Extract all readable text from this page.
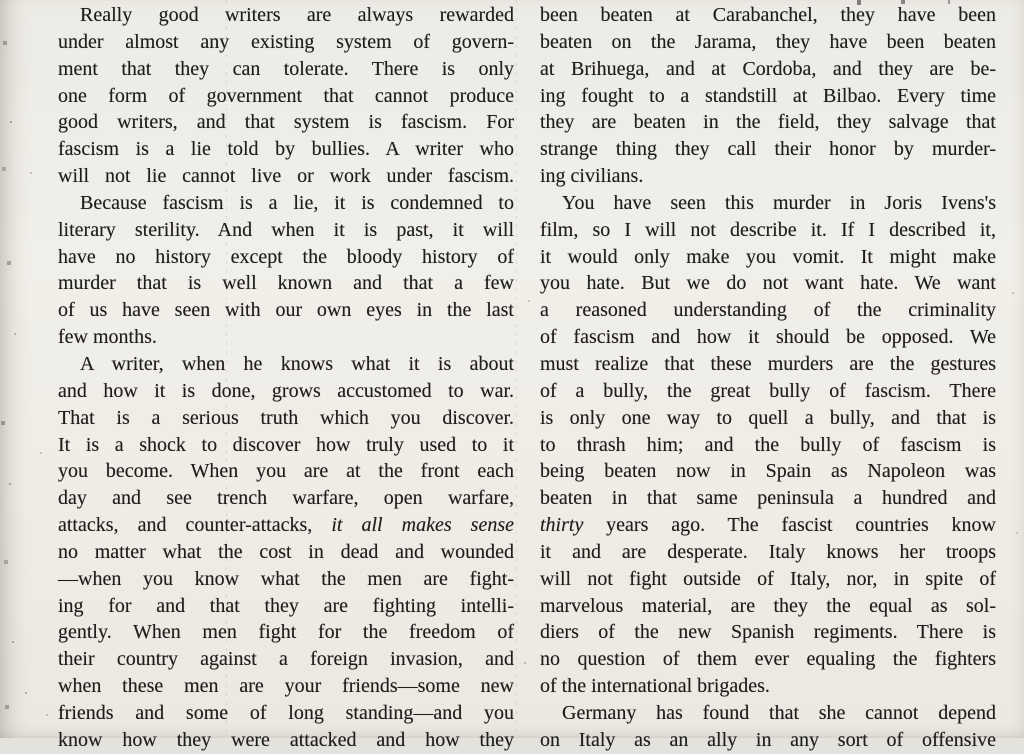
Really good writers are always rewarded
under almost any existing system of govern-
ment that they can tolerate. There is only
one form of government that cannot produce
good writers, and that system is fascism. For
fascism is a lie told by bullies. A writer who
will not lie cannot live or work under fascism.
Because fascism is a lie, it is condemned to
literary sterility. And when it is past, it will
have no history except the bloody history of
murder that is well known and that a few
of us have seen with our own eyes in the last
few months.
A writer, when he knows what it is about
and how it is done, grows accustomed to war.
That is a serious truth which you discover.
It is a shock to discover how truly used to it
you become. When you are at the front each
day and see trench warfare, open warfare,
attacks, and counter-attacks, it all makes sense
no matter what the cost in dead and wounded
—when you know what the men are fight-
ing for and that they are fighting intelli-
gently. When men fight for the freedom of
their country against a foreign invasion, and
when these men are your friends—some new
friends and some of long standing—and you
know how they were attacked and how they
been beaten at Carabanchel, they have been
beaten on the Jarama, they have been beaten
at Brihuega, and at Cordoba, and they are be-
ing fought to a standstill at Bilbao. Every time
they are beaten in the field, they salvage that
strange thing they call their honor by murder-
ing civilians.
You have seen this murder in Joris Ivens's
film, so I will not describe it. If I described it,
it would only make you vomit. It might make
you hate. But we do not want hate. We want
a reasoned understanding of the criminality
of fascism and how it should be opposed. We
must realize that these murders are the gestures
of a bully, the great bully of fascism. There
is only one way to quell a bully, and that is
to thrash him; and the bully of fascism is
being beaten now in Spain as Napoleon was
beaten in that same peninsula a hundred and
thirty years ago. The fascist countries know
it and are desperate. Italy knows her troops
will not fight outside of Italy, nor, in spite of
marvelous material, are they the equal as sol-
diers of the new Spanish regiments. There is
no question of them ever equaling the fighters
of the international brigades.
Germany has found that she cannot depend
on Italy as an ally in any sort of offensive
